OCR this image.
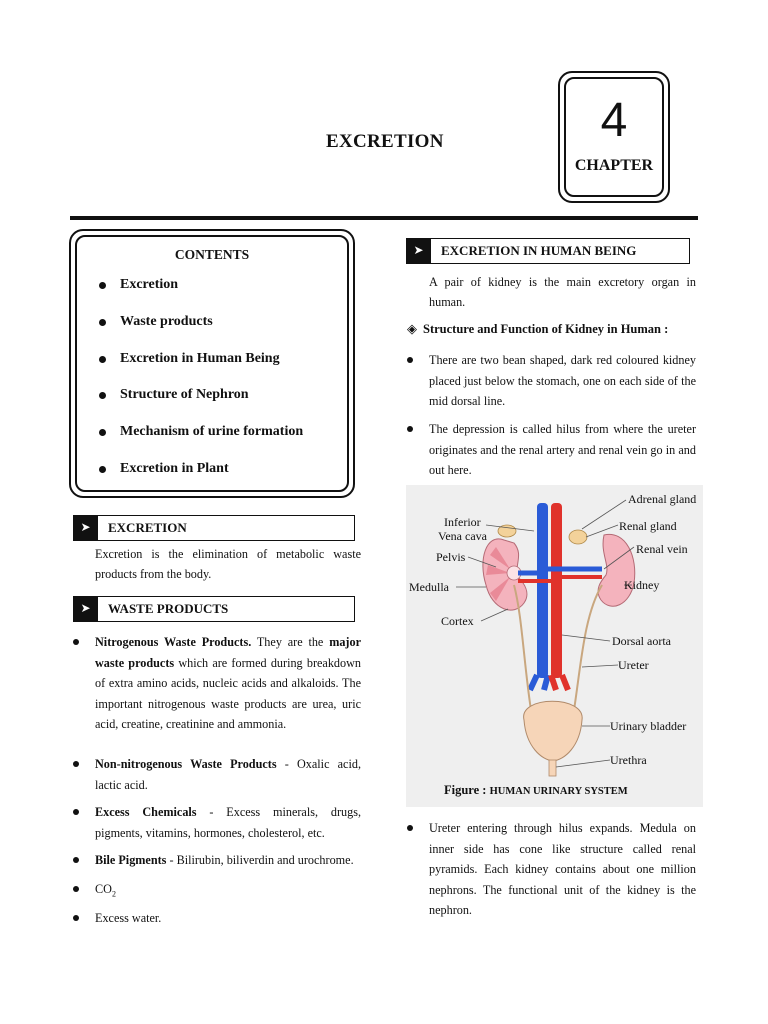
EXCRETION	4
CHAPTER
CONTENTS
Excretion
Waste products
Excretion in Human Being
Structure of Nephron
Mechanism of urine formation
Excretion in Plant
➤	EXCRETION
Excretion is the elimination of metabolic waste products from the body.
➤	WASTE PRODUCTS
Nitrogenous Waste Products. They are the major waste products which are formed during breakdown of extra amino acids, nucleic acids and alkaloids. The important nitrogenous waste products are urea, uric acid, creatine, creatinine and ammonia.
Non-nitrogenous Waste Products - Oxalic acid, lactic acid.
Excess Chemicals - Excess minerals, drugs, pigments, vitamins, hormones, cholesterol, etc.
Bile Pigments - Bilirubin, biliverdin and urochrome.
$CO_2$
Excess water.
➤	EXCRETION IN HUMAN BEING
A pair of kidney is the main excretory organ in human.
◈ Structure and Function of Kidney in Human :
There are two bean shaped, dark red coloured kidney placed just below the stomach, one on each side of the mid dorsal line.
The depression is called hilus from where the ureter originates and the renal artery and renal vein go in and out here.
Inferior
Vena cava
Pelvis
Medulla
Cortex
Adrenal gland
Renal gland
Renal vein
Kidney
Dorsal aorta
Ureter
Urinary bladder
Urethra
Figure : HUMAN URINARY SYSTEM
Ureter entering through hilus expands. Medula on inner side has cone like structure called renal pyramids. Each kidney contains about one million nephrons. The functional unit of the kidney is the nephron.
